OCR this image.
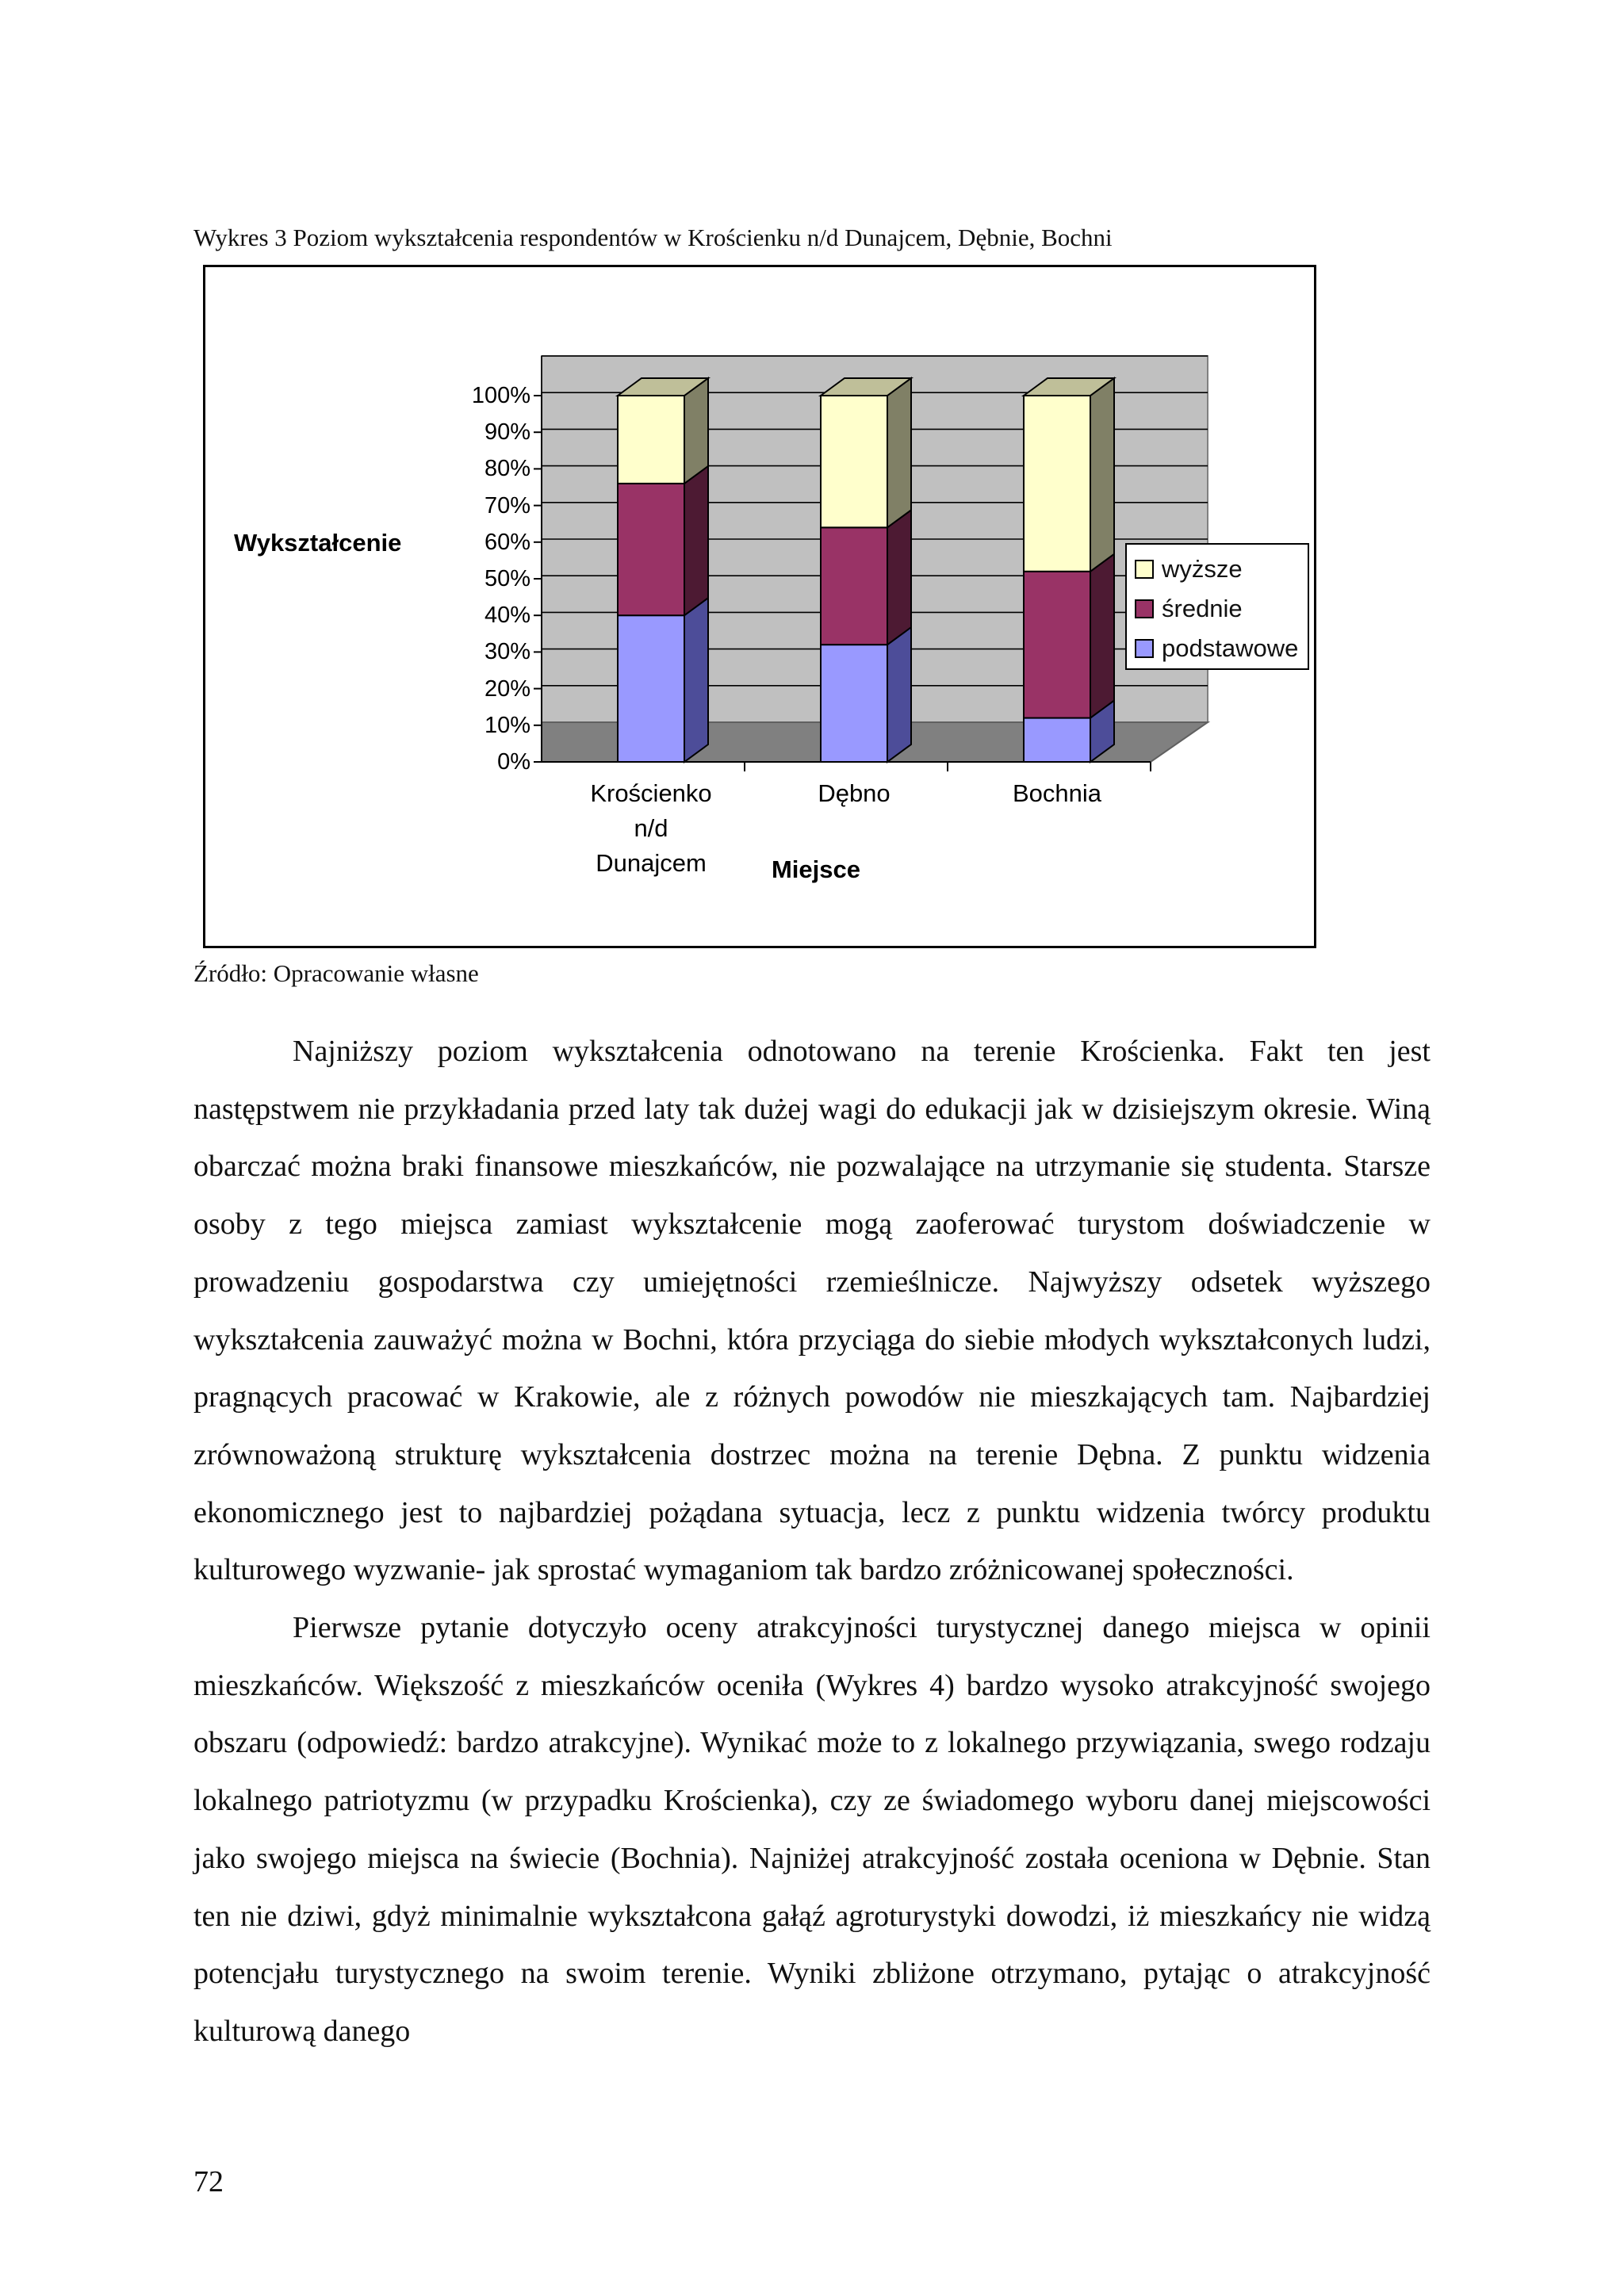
Wykres 3 Poziom wykształcenia respondentów w Krościenku n/d Dunajcem, Dębnie, Bochni
Wykształcenie
Miejsce
0%
10%
20%
30%
40%
50%
60%
70%
80%
90%
100%
Krościenko
n/d
Dunajcem
Dębno	Bochnia
wyższe
średnie
podstawowe
Źródło: Opracowanie własne

Najniższy poziom wykształcenia odnotowano na terenie Krościenka. Fakt ten jest następstwem nie przykładania przed laty tak dużej wagi do edukacji jak w dzisiejszym okresie. Winą obarczać można braki finansowe mieszkańców, nie pozwalające na utrzymanie się studenta. Starsze osoby z tego miejsca zamiast wykształcenie mogą zaoferować turystom doświadczenie w prowadzeniu gospodarstwa czy umiejętności rzemieślnicze. Najwyższy odsetek wyższego wykształcenia zauważyć można w Bochni, która przyciąga do siebie młodych wykształconych ludzi, pragnących pracować w Krakowie, ale z różnych powodów nie mieszkających tam. Najbardziej zrównoważoną strukturę wykształcenia dostrzec można na terenie Dębna. Z punktu widzenia ekonomicznego jest to najbardziej pożądana sytuacja, lecz z punktu widzenia twórcy produktu kulturowego wyzwanie- jak sprostać wymaganiom tak bardzo zróżnicowanej społeczności.

Pierwsze pytanie dotyczyło oceny atrakcyjności turystycznej danego miejsca w opinii mieszkańców. Większość z mieszkańców oceniła (Wykres 4) bardzo wysoko atrakcyjność swojego obszaru (odpowiedź: bardzo atrakcyjne). Wynikać może to z lokalnego przywiązania, swego rodzaju lokalnego patriotyzmu (w przypadku Krościenka), czy ze świadomego wyboru danej miejscowości jako swojego miejsca na świecie (Bochnia). Najniżej atrakcyjność została oceniona w Dębnie. Stan ten nie dziwi, gdyż minimalnie wykształcona gałąź agroturystyki dowodzi, iż mieszkańcy nie widzą potencjału turystycznego na swoim terenie. Wyniki zbliżone otrzymano, pytając o atrakcyjność kulturową danego

72
